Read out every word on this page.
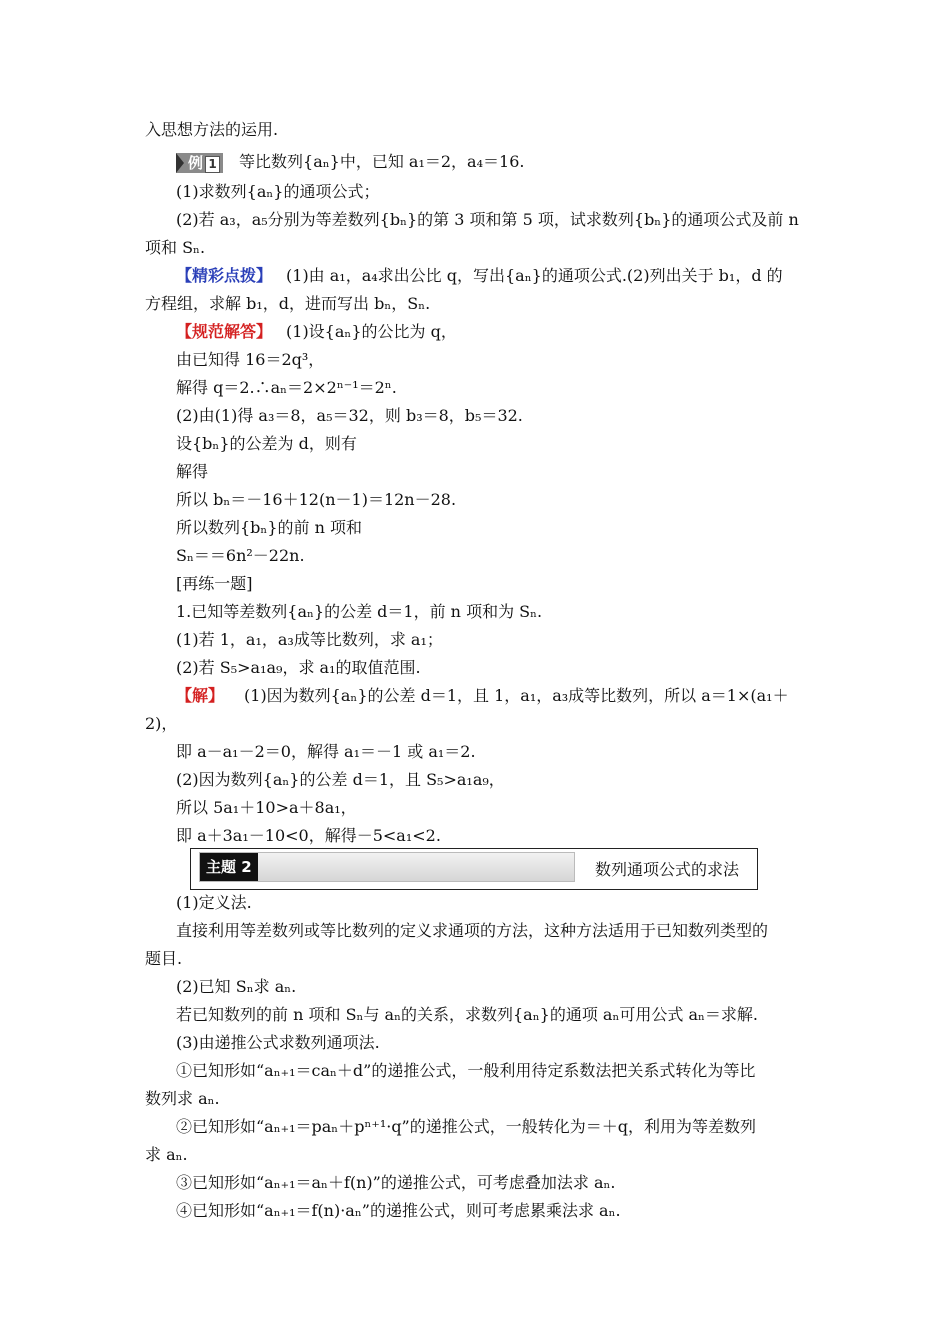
入思想方法的运用.
例 1 等比数列{aₙ}中，已知 a₁＝2，a₄＝16.
(1)求数列{aₙ}的通项公式；
(2)若 a₃，a₅分别为等差数列{bₙ}的第 3 项和第 5 项，试求数列{bₙ}的通项公式及前 n
项和 Sₙ.
【精彩点拨】 (1)由 a₁，a₄求出公比 q，写出{aₙ}的通项公式.(2)列出关于 b₁，d 的
方程组，求解 b₁，d，进而写出 bₙ，Sₙ.
【规范解答】 (1)设{aₙ}的公比为 q，
由已知得 16＝2q³，
解得 q＝2.∴aₙ＝2×2ⁿ⁻¹＝2ⁿ.
(2)由(1)得 a₃＝8，a₅＝32，则 b₃＝8，b₅＝32.
设{bₙ}的公差为 d，则有
解得
所以 bₙ＝－16＋12(n－1)＝12n－28.
所以数列{bₙ}的前 n 项和
Sₙ＝＝6n²－22n.
[再练一题]
1.已知等差数列{aₙ}的公差 d＝1，前 n 项和为 Sₙ.
(1)若 1，a₁，a₃成等比数列，求 a₁；
(2)若 S₅>a₁a₉，求 a₁的取值范围.
【解】 (1)因为数列{aₙ}的公差 d＝1，且 1，a₁，a₃成等比数列，所以 a＝1×(a₁＋
2)，
即 a－a₁－2＝0，解得 a₁＝－1 或 a₁＝2.
(2)因为数列{aₙ}的公差 d＝1，且 S₅>a₁a₉，
所以 5a₁＋10>a＋8a₁，
即 a＋3a₁－10<0，解得－5<a₁<2.
主题 2	数列通项公式的求法
(1)定义法.
直接利用等差数列或等比数列的定义求通项的方法，这种方法适用于已知数列类型的
题目.
(2)已知 Sₙ求 aₙ.
若已知数列的前 n 项和 Sₙ与 aₙ的关系，求数列{aₙ}的通项 aₙ可用公式 aₙ＝求解.
(3)由递推公式求数列通项法.
①已知形如“aₙ₊₁＝caₙ＋d”的递推公式，一般利用待定系数法把关系式转化为等比
数列求 aₙ.
②已知形如“aₙ₊₁＝paₙ＋pⁿ⁺¹·q”的递推公式，一般转化为＝＋q，利用为等差数列
求 aₙ.
③已知形如“aₙ₊₁＝aₙ＋f(n)”的递推公式，可考虑叠加法求 aₙ.
④已知形如“aₙ₊₁＝f(n)·aₙ”的递推公式，则可考虑累乘法求 aₙ.
